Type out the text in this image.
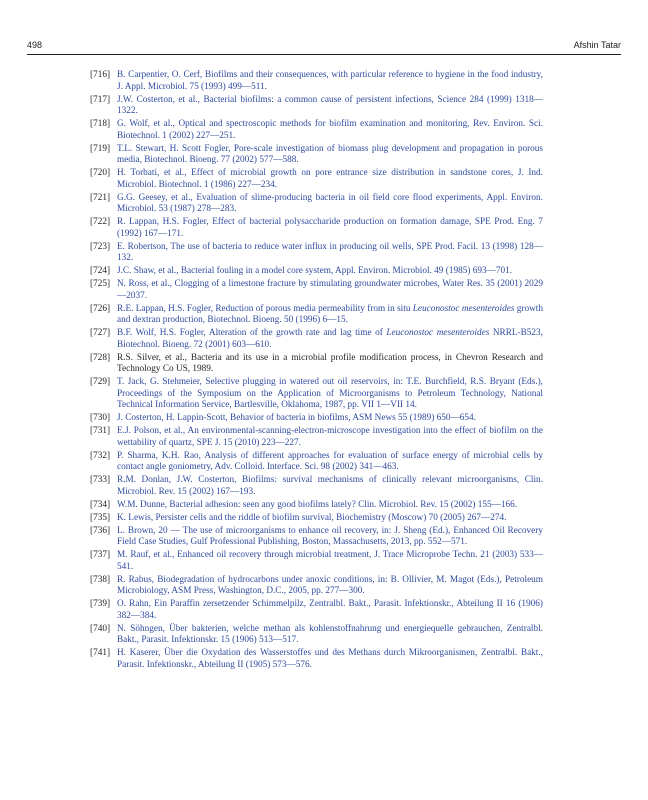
498	Afshin Tatar
[716] B. Carpentier, O. Cerf, Biofilms and their consequences, with particular reference to hygiene in the food industry, J. Appl. Microbiol. 75 (1993) 499—511.
[717] J.W. Costerton, et al., Bacterial biofilms: a common cause of persistent infections, Science 284 (1999) 1318—1322.
[718] G. Wolf, et al., Optical and spectroscopic methods for biofilm examination and monitoring, Rev. Environ. Sci. Biotechnol. 1 (2002) 227—251.
[719] T.L. Stewart, H. Scott Fogler, Pore-scale investigation of biomass plug development and propagation in porous media, Biotechnol. Bioeng. 77 (2002) 577—588.
[720] H. Torbati, et al., Effect of microbial growth on pore entrance size distribution in sandstone cores, J. Ind. Microbiol. Biotechnol. 1 (1986) 227—234.
[721] G.G. Geesey, et al., Evaluation of slime-producing bacteria in oil field core flood experiments, Appl. Environ. Microbiol. 53 (1987) 278—283.
[722] R. Lappan, H.S. Fogler, Effect of bacterial polysaccharide production on formation damage, SPE Prod. Eng. 7 (1992) 167—171.
[723] E. Robertson, The use of bacteria to reduce water influx in producing oil wells, SPE Prod. Facil. 13 (1998) 128—132.
[724] J.C. Shaw, et al., Bacterial fouling in a model core system, Appl. Environ. Microbiol. 49 (1985) 693—701.
[725] N. Ross, et al., Clogging of a limestone fracture by stimulating groundwater microbes, Water Res. 35 (2001) 2029—2037.
[726] R.E. Lappan, H.S. Fogler, Reduction of porous media permeability from in situ Leuconostoc mesenteroides growth and dextran production, Biotechnol. Bioeng. 50 (1996) 6—15.
[727] B.F. Wolf, H.S. Fogler, Alteration of the growth rate and lag time of Leuconostoc mesenteroides NRRL-B523, Biotechnol. Bioeng. 72 (2001) 603—610.
[728] R.S. Silver, et al., Bacteria and its use in a microbial profile modification process, in Chevron Research and Technology Co US, 1989.
[729] T. Jack, G. Stehmeier, Selective plugging in watered out oil reservoirs, in: T.E. Burchfield, R.S. Bryant (Eds.), Proceedings of the Symposium on the Application of Microorganisms to Petroleum Technology, National Technical Information Service, Bartlesville, Oklahoma, 1987, pp. VII 1—VII 14.
[730] J. Costerton, H. Lappin-Scott, Behavior of bacteria in biofilms, ASM News 55 (1989) 650—654.
[731] E.J. Polson, et al., An environmental-scanning-electron-microscope investigation into the effect of biofilm on the wettability of quartz, SPE J. 15 (2010) 223—227.
[732] P. Sharma, K.H. Rao, Analysis of different approaches for evaluation of surface energy of microbial cells by contact angle goniometry, Adv. Colloid. Interface. Sci. 98 (2002) 341—463.
[733] R.M. Donlan, J.W. Costerton, Biofilms: survival mechanisms of clinically relevant microorganisms, Clin. Microbiol. Rev. 15 (2002) 167—193.
[734] W.M. Dunne, Bacterial adhesion: seen any good biofilms lately? Clin. Microbiol. Rev. 15 (2002) 155—166.
[735] K. Lewis, Persister cells and the riddle of biofilm survival, Biochemistry (Moscow) 70 (2005) 267—274.
[736] L. Brown, 20 — The use of microorganisms to enhance oil recovery, in: J. Sheng (Ed.), Enhanced Oil Recovery Field Case Studies, Gulf Professional Publishing, Boston, Massachusetts, 2013, pp. 552—571.
[737] M. Rauf, et al., Enhanced oil recovery through microbial treatment, J. Trace Microprobe Techn. 21 (2003) 533—541.
[738] R. Rabus, Biodegradation of hydrocarbons under anoxic conditions, in: B. Ollivier, M. Magot (Eds.), Petroleum Microbiology, ASM Press, Washington, D.C., 2005, pp. 277—300.
[739] O. Rahn, Ein Paraffin zersetzender Schimmelpilz, Zentralbl. Bakt., Parasit. Infektionskr., Abteilung II 16 (1906) 382—384.
[740] N. Söhngen, Über bakterien, welche methan als kohlenstoffnahrung und energiequelle gebrauchen, Zentralbl. Bakt., Parasit. Infektionskr. 15 (1906) 513—517.
[741] H. Kaserer, Über die Oxydation des Wasserstoffes und des Methans durch Mikroorganismen, Zentralbl. Bakt., Parasit. Infektionskr., Abteilung II (1905) 573—576.
